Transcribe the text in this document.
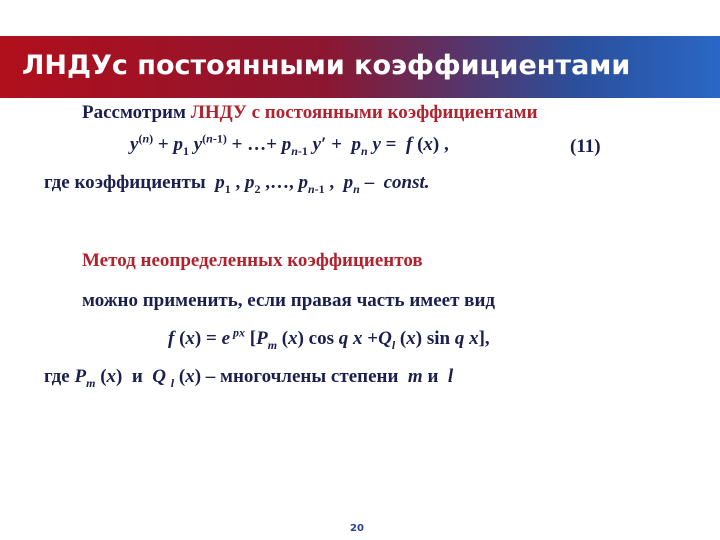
ЛНДУс постоянными коэффициентами
Рассмотрим ЛНДУ с постоянными коэффициентами
$y^{(n)} + p_1$ $y^{(n-1)}$ + …+ $p_{n-1}$ $y' + p_n$ y =  f (x) ,	(11)
где коэффициенты $p_1$ , $p_2$ ,…, $p_{n-1}$ ,  $p_n$ –  const.
Метод неопределенных коэффициентов
можно применить, если правая часть имеет вид
f (x) = e $^{px}$ [$P_m$ (x) cos q $x +Q_l$ (x) sin q x],
где $P_m$ (x)  и Q $_l$ (x) – многочлены степени m и l
20
